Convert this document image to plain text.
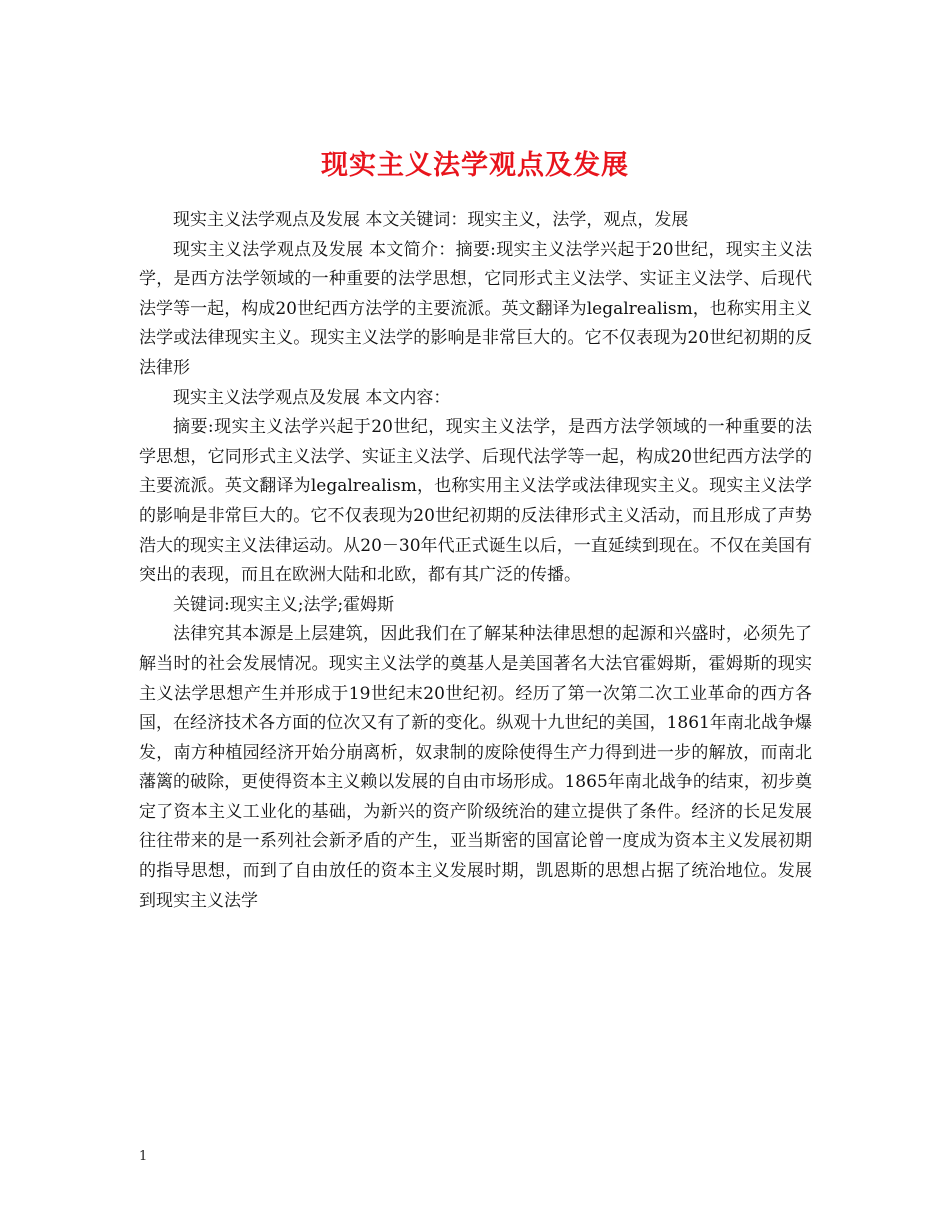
现实主义法学观点及发展

现实主义法学观点及发展 本文关键词：现实主义，法学，观点，发展

现实主义法学观点及发展 本文简介：摘要:现实主义法学兴起于20世纪，现实主义法学，是西方法学领域的一种重要的法学思想，它同形式主义法学、实证主义法学、后现代法学等一起，构成20世纪西方法学的主要流派。英文翻译为legalrealism，也称实用主义法学或法律现实主义。现实主义法学的影响是非常巨大的。它不仅表现为20世纪初期的反法律形

现实主义法学观点及发展 本文内容：

摘要:现实主义法学兴起于20世纪，现实主义法学，是西方法学领域的一种重要的法学思想，它同形式主义法学、实证主义法学、后现代法学等一起，构成20世纪西方法学的主要流派。英文翻译为legalrealism，也称实用主义法学或法律现实主义。现实主义法学的影响是非常巨大的。它不仅表现为20世纪初期的反法律形式主义活动，而且形成了声势浩大的现实主义法律运动。从20－30年代正式诞生以后，一直延续到现在。不仅在美国有突出的表现，而且在欧洲大陆和北欧，都有其广泛的传播。

关键词:现实主义;法学;霍姆斯

法律究其本源是上层建筑，因此我们在了解某种法律思想的起源和兴盛时，必须先了解当时的社会发展情况。现实主义法学的奠基人是美国著名大法官霍姆斯，霍姆斯的现实主义法学思想产生并形成于19世纪末20世纪初。经历了第一次第二次工业革命的西方各国，在经济技术各方面的位次又有了新的变化。纵观十九世纪的美国，1861年南北战争爆发，南方种植园经济开始分崩离析，奴隶制的废除使得生产力得到进一步的解放，而南北藩篱的破除，更使得资本主义赖以发展的自由市场形成。1865年南北战争的结束，初步奠定了资本主义工业化的基础，为新兴的资产阶级统治的建立提供了条件。经济的长足发展往往带来的是一系列社会新矛盾的产生，亚当斯密的国富论曾一度成为资本主义发展初期的指导思想，而到了自由放任的资本主义发展时期，凯恩斯的思想占据了统治地位。发展到现实主义法学

1
